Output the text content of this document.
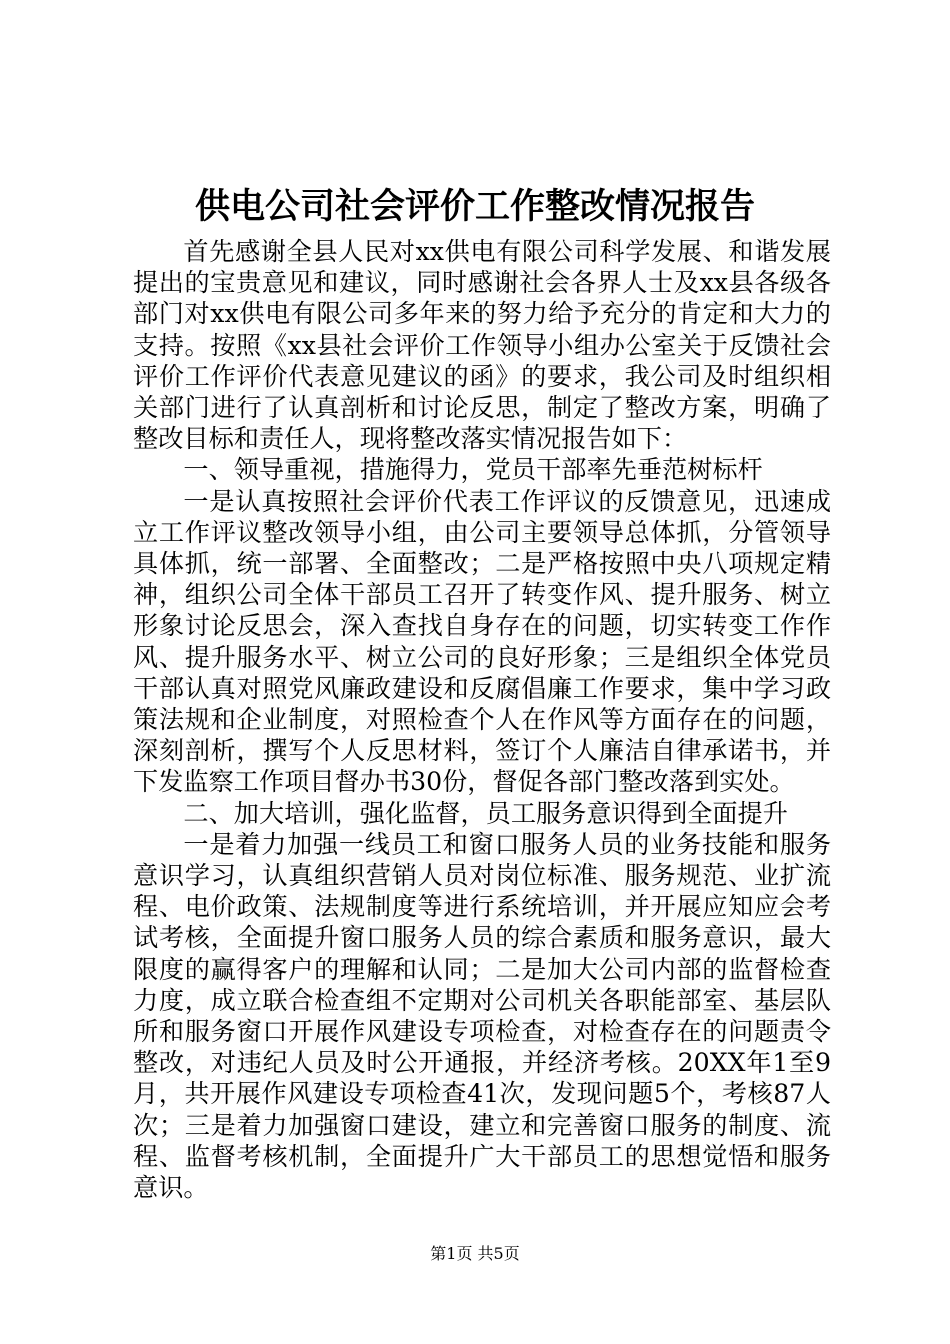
供电公司社会评价工作整改情况报告

首先感谢全县人民对xx供电有限公司科学发展、和谐发展提出的宝贵意见和建议，同时感谢社会各界人士及xx县各级各部门对xx供电有限公司多年来的努力给予充分的肯定和大力的支持。按照《xx县社会评价工作领导小组办公室关于反馈社会评价工作评价代表意见建议的函》的要求，我公司及时组织相关部门进行了认真剖析和讨论反思，制定了整改方案，明确了整改目标和责任人，现将整改落实情况报告如下：

一、领导重视，措施得力，党员干部率先垂范树标杆

一是认真按照社会评价代表工作评议的反馈意见，迅速成立工作评议整改领导小组，由公司主要领导总体抓，分管领导具体抓，统一部署、全面整改；二是严格按照中央八项规定精神，组织公司全体干部员工召开了转变作风、提升服务、树立形象讨论反思会，深入查找自身存在的问题，切实转变工作作风、提升服务水平、树立公司的良好形象；三是组织全体党员干部认真对照党风廉政建设和反腐倡廉工作要求，集中学习政策法规和企业制度，对照检查个人在作风等方面存在的问题，深刻剖析，撰写个人反思材料，签订个人廉洁自律承诺书，并下发监察工作项目督办书30份，督促各部门整改落到实处。

二、加大培训，强化监督，员工服务意识得到全面提升

一是着力加强一线员工和窗口服务人员的业务技能和服务意识学习，认真组织营销人员对岗位标准、服务规范、业扩流程、电价政策、法规制度等进行系统培训，并开展应知应会考试考核，全面提升窗口服务人员的综合素质和服务意识，最大限度的赢得客户的理解和认同；二是加大公司内部的监督检查力度，成立联合检查组不定期对公司机关各职能部室、基层队所和服务窗口开展作风建设专项检查，对检查存在的问题责令整改，对违纪人员及时公开通报，并经济考核。20XX年1至9月，共开展作风建设专项检查41次，发现问题5个，考核87人次；三是着力加强窗口建设，建立和完善窗口服务的制度、流程、监督考核机制，全面提升广大干部员工的思想觉悟和服务意识。

第1页 共5页
